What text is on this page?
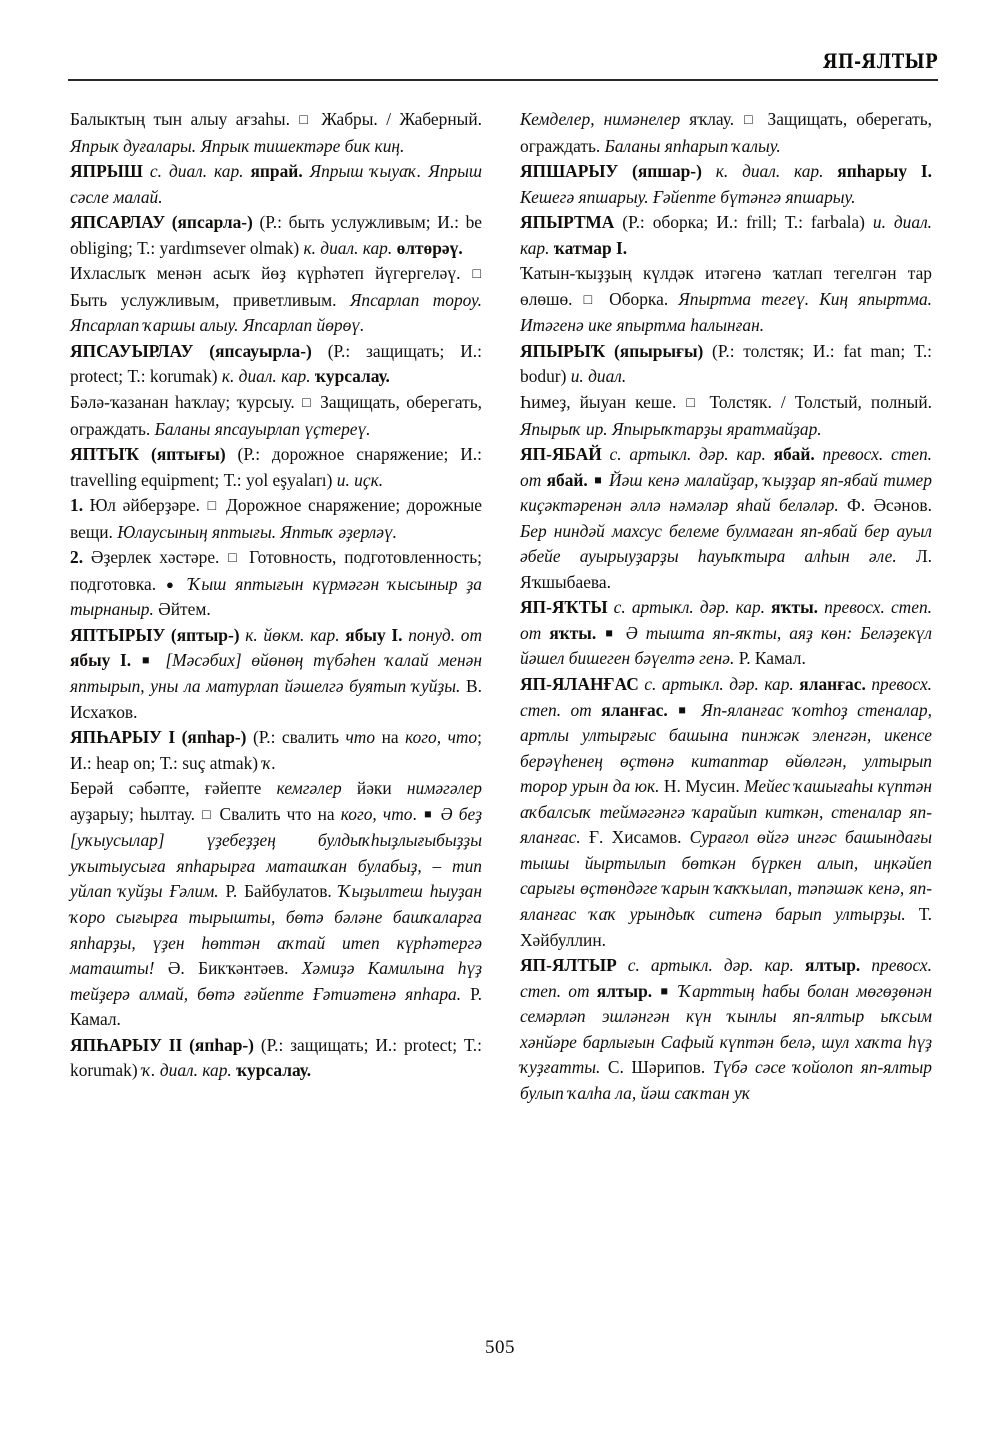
ЯП-ЯЛТЫР

Балыктың тын алыу ағзаһы. □ Жабры. / Жаберный. Япрык дуғалары. Япрык тишектәре бик киң.

ЯПРЫШ с. диал. кар. япрай. Япрыш ҡыуаҡ. Япрыш сәсле малай.

ЯПСАРЛАУ (япсарла-) (Р.: быть услужливым; И.: be obliging; Т.: yardımsever olmak) к. диал. кар. өлтөрәү.

Ихласлыҡ менән асыҡ йөҙ күрһәтеп йүгергеләү. □ Быть услужливым, приветливым. Япсарлап тороу. Япсарлап ҡаршы алыу. Япсарлап йөрөү.

ЯПСАУЫРЛАУ (япсауырла-) (Р.: защищать; И.: protect; Т.: korumak) к. диал. кар. ҡурсалау.

Бәлә-ҡазанан һаҡлау; ҡурсыу. □ Защищать, оберегать, ограждать. Баланы япсауырлап үҫтереү.

ЯПТЫҠ (яптығы) (Р.: дорожное снаряжение; И.: travelling equipment; Т.: yol eşyaları) и. иҫк.

1. Юл әйберҙәре. □ Дорожное снаряжение; дорожные вещи. Юлаусының яптығы. Яптыҡ әҙерләү.

2. Әҙерлек хәстәре. □ Готовность, подготовленность; подготовка. ● Ҡыш яптығын күрмәгән ҡысыныр ҙа тырнаныр. Әйтем.

ЯПТЫРЫУ (яптыр-) к. йөкм. кар. ябыу I. понуд. от ябыу I. ■ [Мәсәбих] өйөнөң түбәһен ҡалай менән яптырып, уны ла матурлап йәшелгә буятып ҡуйҙы. В. Исхаҡов.

ЯПҺАРЫУ I (япһар-) (Р.: свалить что на кого, что; И.: heap on; Т.: suç atmak) ҡ.

Берәй сәбәпте, ғәйепте кемгәлер йәки нимәгәлер ауҙарыу; һылтау. □ Свалить что на кого, что. ■ Ә беҙ [уҡыусылар] үҙебеҙҙең булдыҡһыҙлығыбыҙҙы уҡытыусыға япһарырға маташҡан булабыҙ, – тип уйлап ҡуйҙы Ғәлим. Р. Байбулатов. Ҡыҙылтеш һыуҙан ҡоро сығырға тырышты, бөтә бәләне башҡаларға япһарҙы, үҙен һөттән аҡтай итеп күрһәтергә маташты! Ә. Бикҡәнтәев. Хәмиҙә Камилына һүҙ тейҙерә алмай, бөтә ғәйепте Ғәтиәтенә япһара. Р. Камал.

ЯПҺАРЫУ II (япһар-) (Р.: защищать; И.: protect; Т.: korumak) ҡ. диал. кар. ҡурсалау.

Кемделер, нимәнелер яҡлау. □ Защищать, оберегать, ограждать. Баланы япһарып ҡалыу.

ЯПШАРЫУ (япшар-) к. диал. кар. япһарыу I. Кешегә япшарыу. Ғәйепте бүтәнгә япшарыу.

ЯПЫРТМА (Р.: оборка; И.: frill; Т.: farbala) и. диал. кар. ҡатмар I.

Ҡатын-ҡыҙҙың күлдәк итәгенә ҡатлап тегелгән тар өлөшө. □ Оборка. Япыртма тегеү. Киң япыртма. Итәгенә ике япыртма һалынған.

ЯПЫРЫҠ (япырығы) (Р.: толстяк; И.: fat man; Т.: bodur) и. диал.

Һимеҙ, йыуан кеше. □ Толстяк. / Толстый, полный. Япырыҡ ир. Япырыҡтарҙы яратмайҙар.

ЯП-ЯБАЙ с. артыкл. дәр. кар. ябай. превосх. степ. от ябай. ■ Йәш кенә малайҙар, ҡыҙҙар яп-ябай тимер киҫәктәренән әллә нәмәләр яһай беләләр. Ф. Әсәнов. Бер ниндәй махсус белеме булмаған яп-ябай бер ауыл әбейе ауырыуҙарҙы һауыҡтыра алһын әле. Л. Яҡшыбаева.

ЯП-ЯҠТЫ с. артыкл. дәр. кар. яҡты. превосх. степ. от яҡты. ■ Ә тышта яп-яҡты, аяҙ көн: Беләҙекүл йәшел бишеген бәүелтә генә. Р. Камал.

ЯП-ЯЛАНҒАС с. артыкл. дәр. кар. яланғас. превосх. степ. от яланғас. ■ Яп-яланғас ҡотһоҙ стеналар, артлы ултырғыс башына пинжәк эленгән, икенсе берәүһенең өҫтөнә китаптар өйөлгән, ултырып торор урын да юк. Н. Мусин. Мейес ҡашығаһы күптән аҡбалсыҡ теймәгәнгә ҡарайып киткән, стеналар яп-яланғас. Ғ. Хисамов. Сурағол өйгә ингәс башындағы тышы йыртылып бөткән бүркен алып, иңкәйеп сарығы өҫтөндәге ҡарын ҡаҡҡылап, тәпәшәк кенә, яп-яланғас ҡаҡ урындыҡ ситенә барып ултырҙы. Т. Хәйбуллин.

ЯП-ЯЛТЫР с. артыкл. дәр. кар. ялтыр. превосх. степ. от ялтыр. ■ Ҡарттың һабы болан мөгөҙөнән семәрләп эшләнгән күн ҡынлы яп-ялтыр ыҡсым хәнйәре барлығын Сафый күптән белә, шул хаҡта һүҙ ҡуҙғатты. С. Шәрипов. Түбә сәсе ҡойолоп яп-ялтыр булып ҡалһа ла, йәш саҡтан уҡ

505
